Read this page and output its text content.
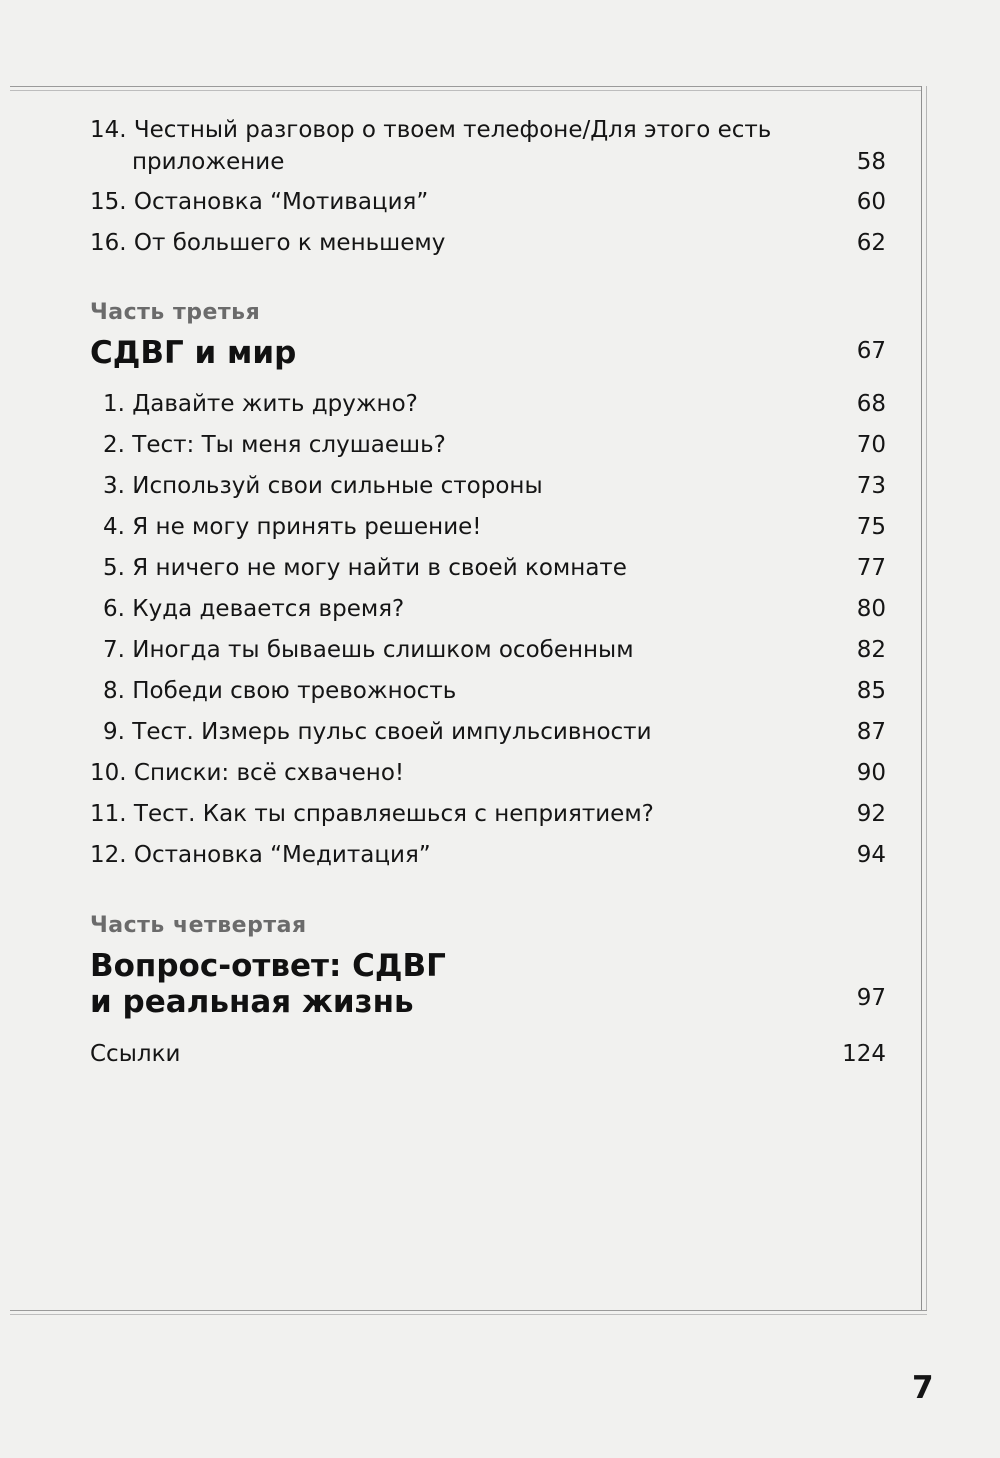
14. Честный разговор о твоем телефоне/Для этого есть
приложение	58
15. Остановка “Мотивация”	60
16. От большего к меньшему	62
Часть третья
СДВГ и мир	67
1. Давайте жить дружно?	68
2. Тест: Ты меня слушаешь?	70
3. Используй свои сильные стороны	73
4. Я не могу принять решение!	75
5. Я ничего не могу найти в своей комнате	77
6. Куда девается время?	80
7. Иногда ты бываешь слишком особенным	82
8. Победи свою тревожность	85
9. Тест. Измерь пульс своей импульсивности	87
10. Списки: всё схвачено!	90
11. Тест. Как ты справляешься с неприятием?	92
12. Остановка “Медитация”	94
Часть четвертая
Вопрос-ответ: СДВГ
и реальная жизнь	97
Ссылки	124
7
